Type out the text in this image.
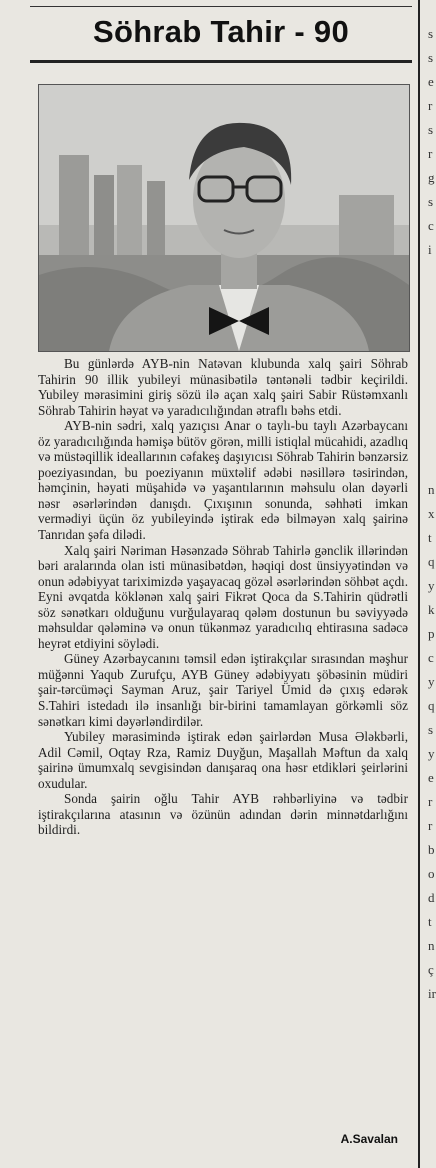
Söhrab Tahir - 90

Bu günlərdə AYB-nin Natəvan klubunda xalq şairi Söhrab Tahirin 90 illik yubileyi münasibətilə təntənəli tədbir keçirildi. Yubiley mərasimini giriş sözü ilə açan xalq şairi Sabir Rüstəmxanlı Söhrab Tahirin həyat və yaradıcılığından ətraflı bəhs etdi.

AYB-nin sədri, xalq yazıçısı Anar o taylı-bu taylı Azərbaycanı öz yaradıcılığında həmişə bütöv görən, milli istiqlal mücahidi, azadlıq və müstəqillik ideallarının cəfakeş daşıyıcısı Söhrab Tahirin bənzərsiz poeziyasından, bu poeziyanın müxtəlif ədəbi nəsillərə təsirindən, həmçinin, həyati müşahidə və yaşantılarının məhsulu olan dəyərli nəsr əsərlərindən danışdı. Çıxışının sonunda, səhhəti imkan vermədiyi üçün öz yubileyində iştirak edə bilməyən xalq şairinə Tanrıdan şəfa dilədi.

Xalq şairi Nəriman Həsənzadə Söhrab Tahirlə gənclik illərindən bəri aralarında olan isti münasibətdən, həqiqi dost ünsiyyətindən və onun ədəbiyyat tariximizdə yaşayacaq gözəl əsərlərindən söhbət açdı. Eyni əvqatda köklənən xalq şairi Fikrət Qoca da S.Tahirin qüdrətli söz sənətkarı olduğunu vurğulayaraq qələm dostunun bu səviyyədə məhsuldar qələminə və onun tükənməz yaradıcılıq ehtirasına sadəcə heyrət etdiyini söylədi.

Güney Azərbaycanını təmsil edən iştirakçılar sırasından məşhur müğənni Yaqub Zurufçu, AYB Güney ədəbiyyatı şöbəsinin müdiri şair-tərcüməçi Sayman Aruz, şair Tariyel Ümid də çıxış edərək S.Tahiri istedadı ilə insanlığı bir-birini tamamlayan görkəmli söz sənətkarı kimi dəyərləndirdilər.

Yubiley mərasimində iştirak edən şairlərdən Musa Ələkbərli, Adil Cəmil, Oqtay Rza, Ramiz Duyğun, Maşallah Məftun da xalq şairinə ümumxalq sevgisindən danışaraq ona həsr etdikləri şeirlərini oxudular.

Sonda şairin oğlu Tahir AYB rəhbərliyinə və tədbir iştirakçılarına atasının və özünün adından dərin minnətdarlığını bildirdi.

A.Savalan
s
s
e
r
s
r
g
s
c
i
n
x
t
q
y
k
p
c
y
q
s
y
e
r
r
b
o
d
t
n
ç
ir
